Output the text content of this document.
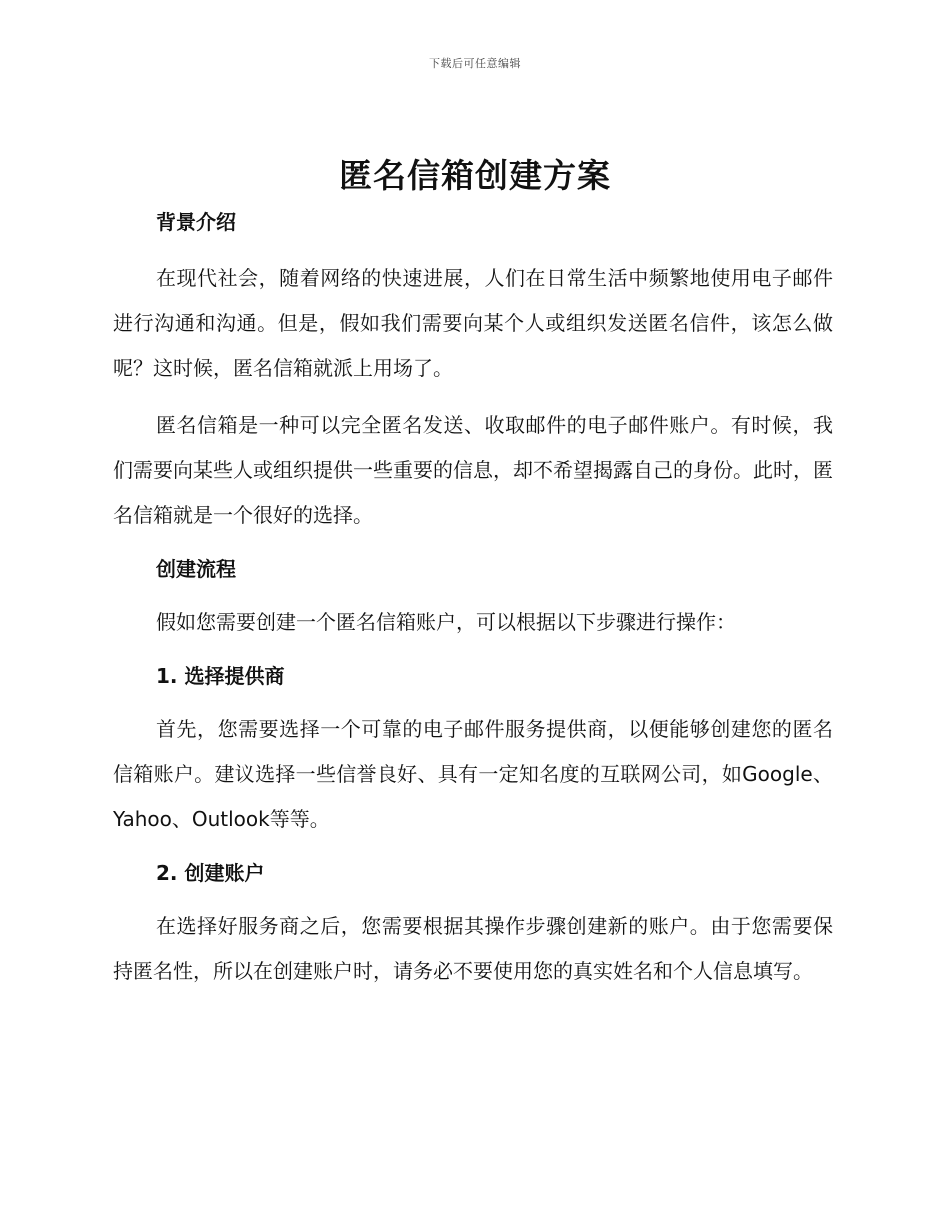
下载后可任意编辑
匿名信箱创建方案

背景介绍

在现代社会，随着网络的快速进展，人们在日常生活中频繁地使用电子邮件进行沟通和沟通。但是，假如我们需要向某个人或组织发送匿名信件，该怎么做呢？这时候，匿名信箱就派上用场了。

匿名信箱是一种可以完全匿名发送、收取邮件的电子邮件账户。有时候，我们需要向某些人或组织提供一些重要的信息，却不希望揭露自己的身份。此时，匿名信箱就是一个很好的选择。

创建流程

假如您需要创建一个匿名信箱账户，可以根据以下步骤进行操作：

1. 选择提供商

首先，您需要选择一个可靠的电子邮件服务提供商，以便能够创建您的匿名信箱账户。建议选择一些信誉良好、具有一定知名度的互联网公司，如Google、Yahoo、Outlook等等。

2. 创建账户

在选择好服务商之后，您需要根据其操作步骤创建新的账户。由于您需要保持匿名性，所以在创建账户时，请务必不要使用您的真实姓名和个人信息填写。
